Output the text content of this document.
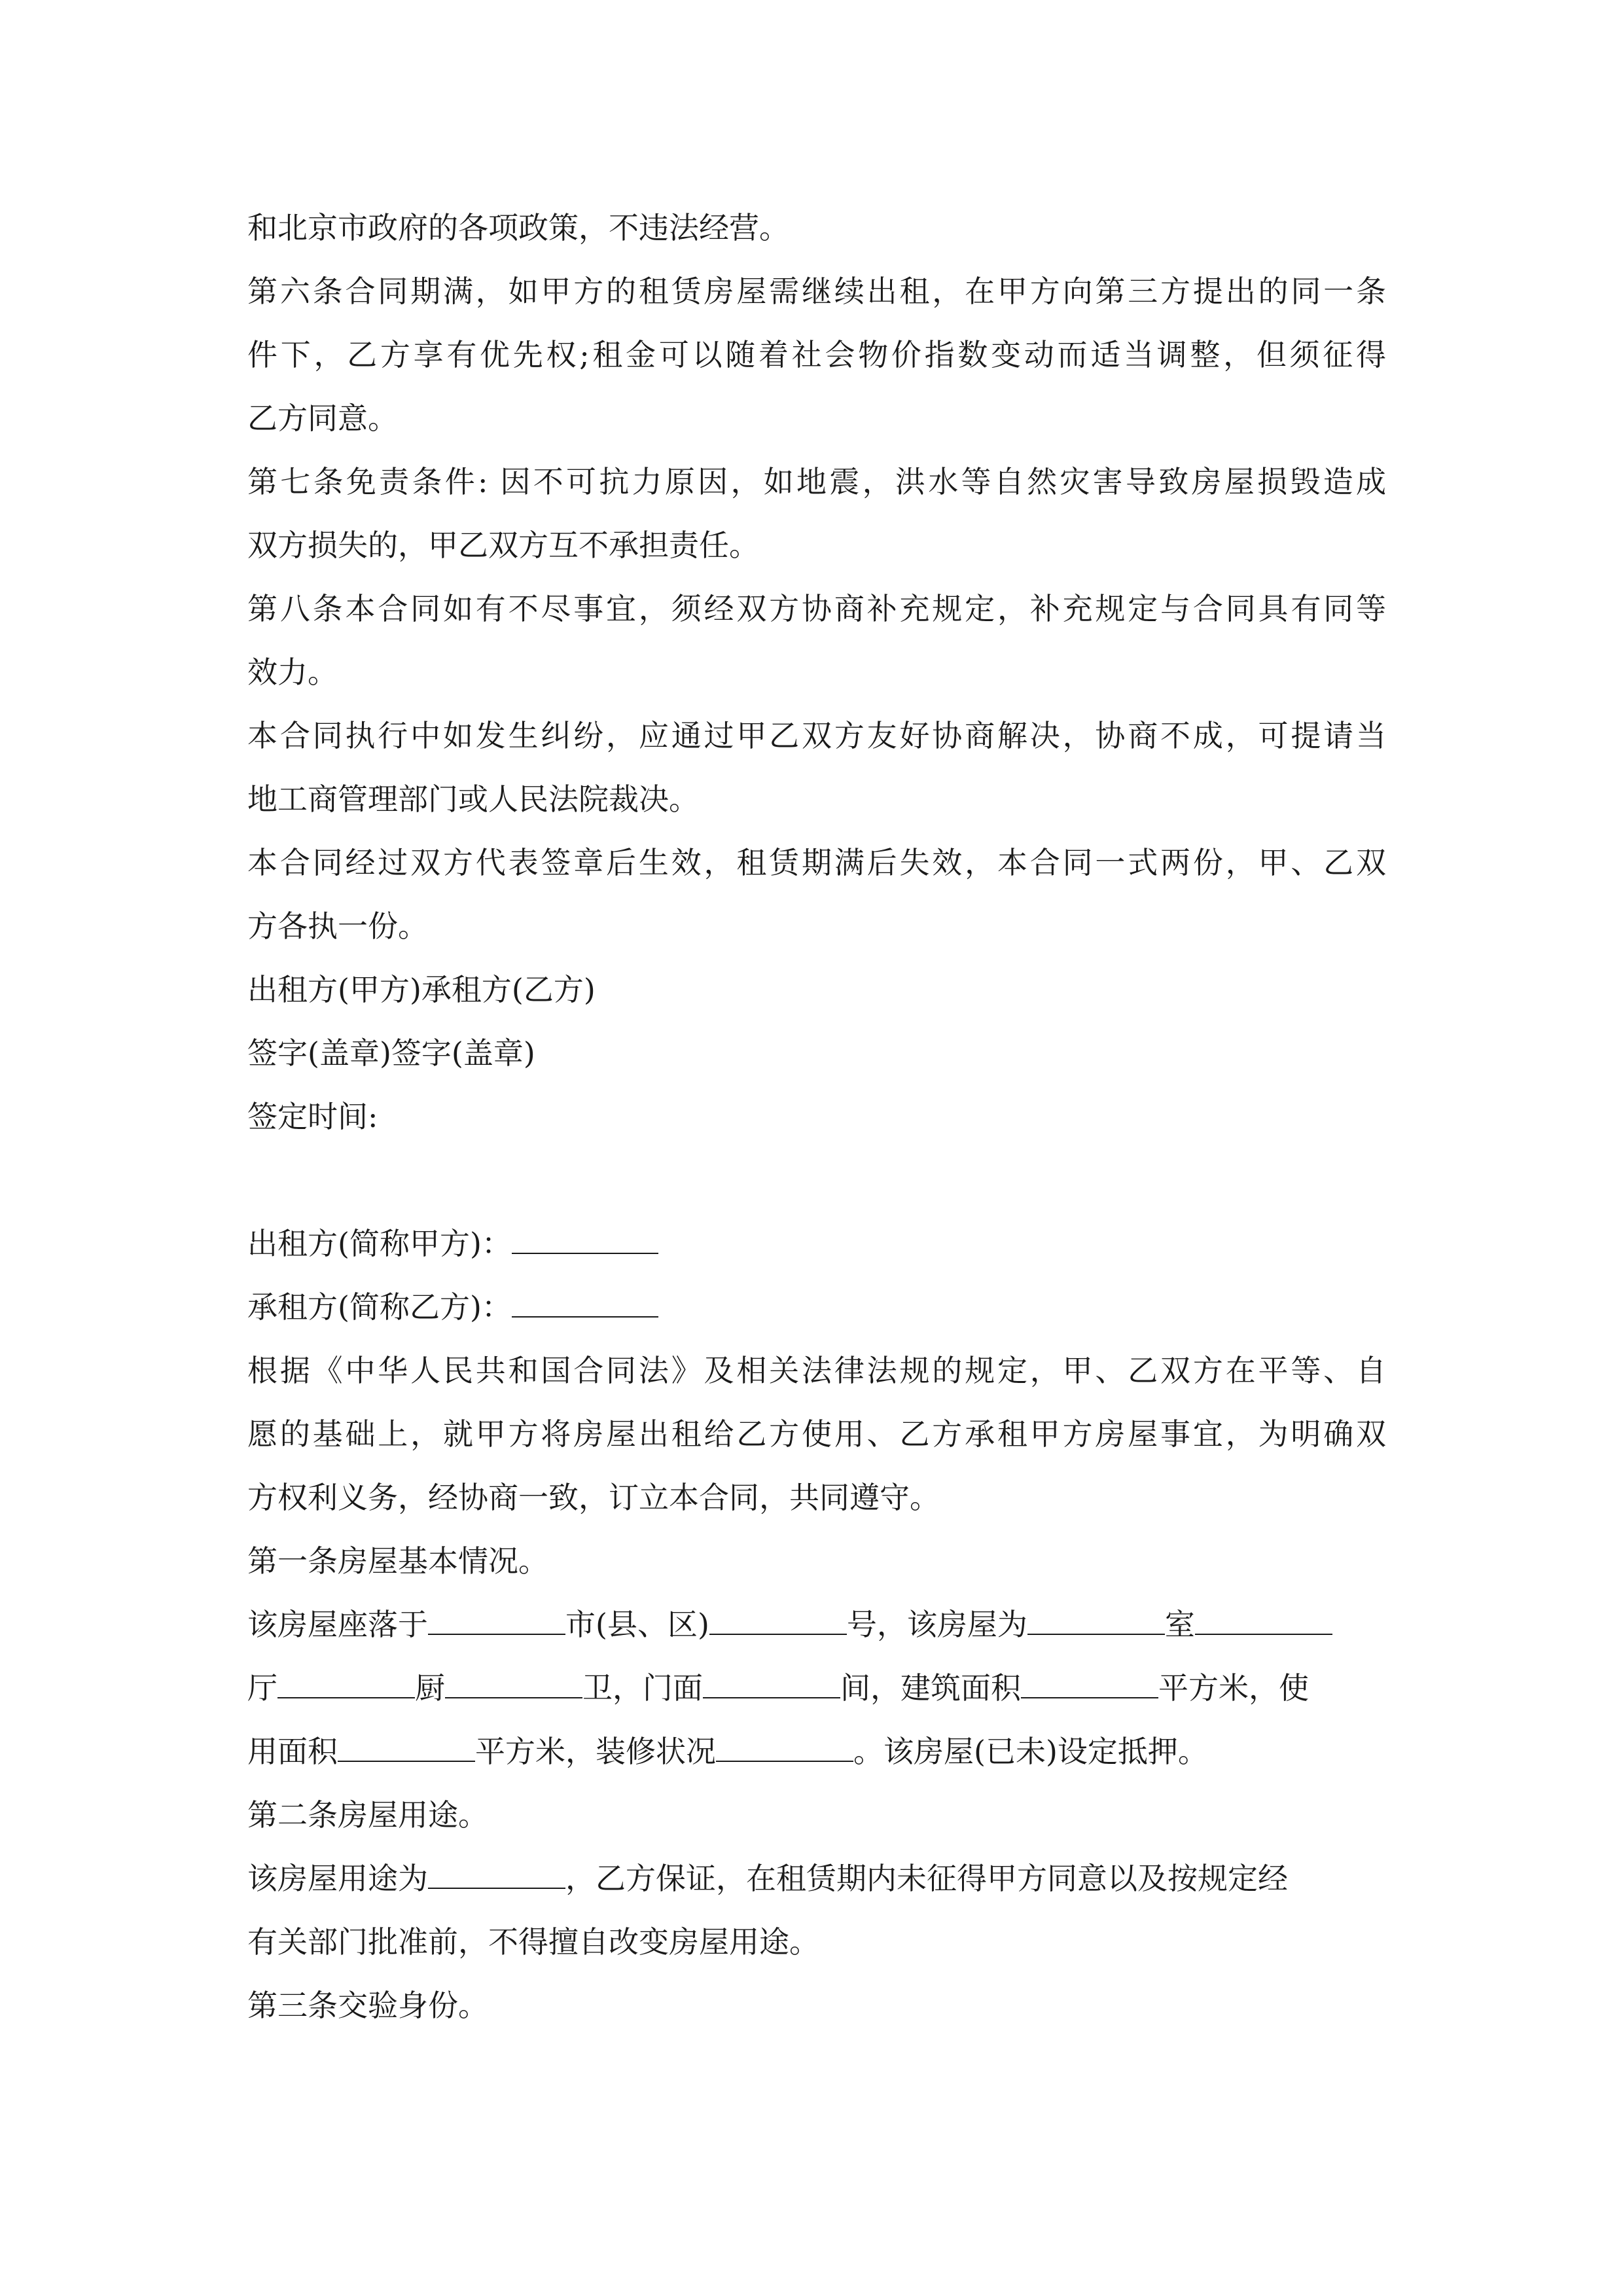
和北京市政府的各项政策，不违法经营。
第六条合同期满，如甲方的租赁房屋需继续出租，在甲方向第三方提出的同一条
件下，乙方享有优先权;租金可以随着社会物价指数变动而适当调整，但须征得
乙方同意。
第七条免责条件: 因不可抗力原因，如地震，洪水等自然灾害导致房屋损毁造成
双方损失的，甲乙双方互不承担责任。
第八条本合同如有不尽事宜，须经双方协商补充规定，补充规定与合同具有同等
效力。
本合同执行中如发生纠纷，应通过甲乙双方友好协商解决，协商不成，可提请当
地工商管理部门或人民法院裁决。
本合同经过双方代表签章后生效，租赁期满后失效，本合同一式两份，甲、乙双
方各执一份。
出租方(甲方)承租方(乙方)
签字(盖章)签字(盖章)
签定时间:
出租方(简称甲方)：
承租方(简称乙方)：
根据《中华人民共和国合同法》及相关法律法规的规定，甲、乙双方在平等、自
愿的基础上，就甲方将房屋出租给乙方使用、乙方承租甲方房屋事宜，为明确双
方权利义务，经协商一致，订立本合同，共同遵守。
第一条房屋基本情况。
该房屋座落于	市(县、区)	号，该房屋为	室
厅	厨	卫，门面	间，建筑面积	平方米，使
用面积	平方米，装修状况	。该房屋(已未)设定抵押。
第二条房屋用途。
该房屋用途为	，乙方保证，在租赁期内未征得甲方同意以及按规定经
有关部门批准前，不得擅自改变房屋用途。
第三条交验身份。
